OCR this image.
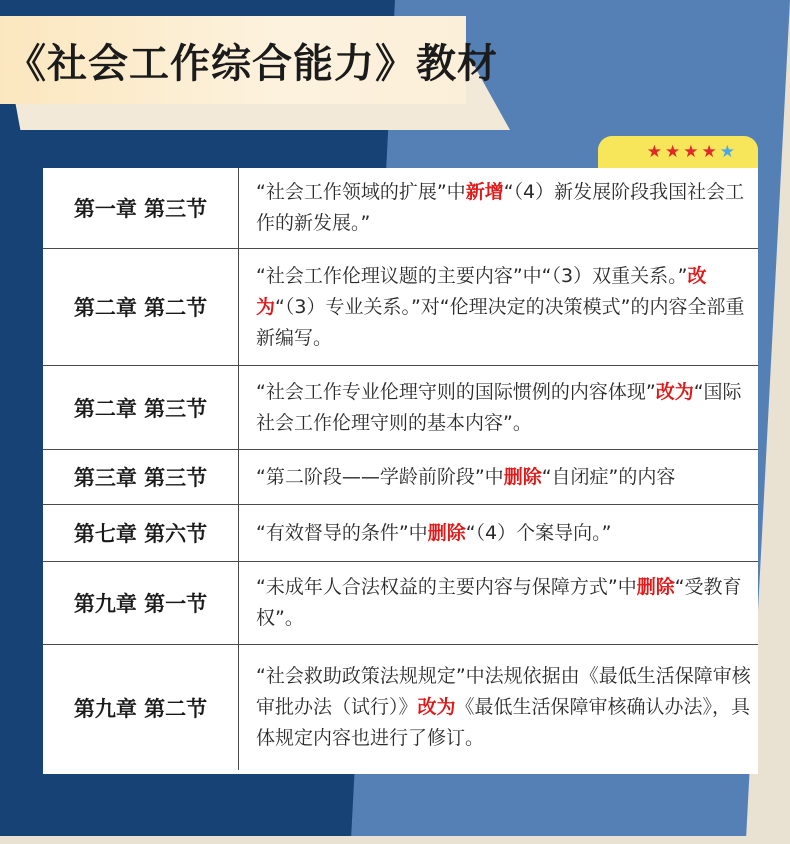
《社会工作综合能力》教材
★★★★★
第一章 第三节
“社会工作领域的扩展”中新增“（4）新发展阶段我国社会工作的新发展。”
第二章 第二节
“社会工作伦理议题的主要内容”中“（3）双重关系。”改为“（3）专业关系。”对“伦理决定的决策模式”的内容全部重新编写。
第二章 第三节
“社会工作专业伦理守则的国际惯例的内容体现”改为“国际社会工作伦理守则的基本内容”。
第三章 第三节	“第二阶段——学龄前阶段”中删除“自闭症”的内容
第七章 第六节	“有效督导的条件”中删除“（4）个案导向。”
第九章 第一节
“未成年人合法权益的主要内容与保障方式”中删除“受教育权”。
第九章 第二节
“社会救助政策法规规定”中法规依据由《最低生活保障审核审批办法（试行）》改为《最低生活保障审核确认办法》，具体规定内容也进行了修订。
